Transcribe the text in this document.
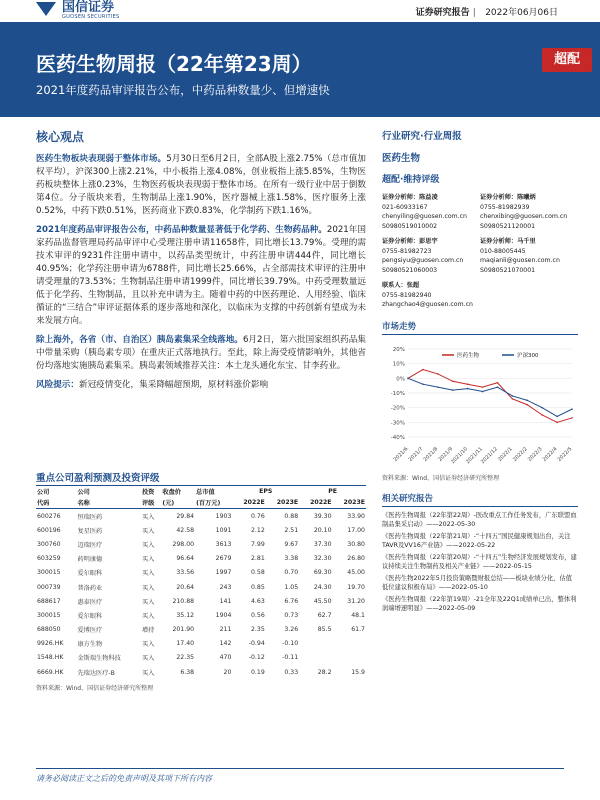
国信证券
GUOSEN SECURITIES	证券研究报告 | 2022年06月06日
医药生物周报（22年第23周）
2021年度药品审评报告公布，中药品种数量少、但增速快
超配
核心观点

医药生物板块表现弱于整体市场。5月30日至6月2日，全部A股上涨2.75%（总市值加权平均），沪深300上涨2.21%，中小板指上涨4.08%，创业板指上涨5.85%，生物医药板块整体上涨0.23%，生物医药板块表现弱于整体市场。在所有一级行业中居于倒数第4位。分子版块来看，生物制品上涨1.90%，医疗器械上涨1.58%，医疗服务上涨0.52%，中药下跌0.51%，医药商业下跌0.83%，化学制药下跌1.16%。

2021年度药品审评报告公布，中药品种数量显著低于化学药、生物药品种。2021年国家药品监督管理局药品审评中心受理注册申请11658件，同比增长13.79%。受理的需技术审评的9231件注册申请中，以药品类型统计，中药注册申请444件，同比增长40.95%；化学药注册申请为6788件，同比增长25.66%，占全部需技术审评的注册申请受理量的73.53%；生物制品注册申请1999件，同比增长39.79%。中药受理数量远低于化学药、生物制品，且以补充申请为主。随着中药的中医药理论、人用经验、临床循证的“三结合”审评证据体系的逐步落地和深化，以临床为支撑的中药创新有望成为未来发展方向。

除上海外，各省（市、自治区）胰岛素集采全线落地。6月2日，第六批国家组织药品集中带量采购（胰岛素专项）在重庆正式落地执行。至此，除上海受疫情影响外，其他省份均落地实施胰岛素集采。胰岛素领域推荐关注：本土龙头通化东宝、甘李药业。

风险提示：新冠疫情变化，集采降幅超预期，原材料涨价影响
重点公司盈利预测及投资评级
公司	公司	投资	收盘价	总市值	EPS		PE	
代码	名称	评级	(元)	(百万元)	2022E	2023E	2022E	2023E
600276	恒瑞医药	买入	29.84	1903	0.76	0.88	39.30	33.90
600196	复星医药	买入	42.58	1091	2.12	2.51	20.10	17.00
300760	迈瑞医疗	买入	298.00	3613	7.99	9.67	37.30	30.80
603259	药明康德	买入	96.64	2679	2.81	3.38	32.30	26.80
300015	爱尔眼科	买入	33.56	1997	0.58	0.70	69.30	45.00
000739	普洛药业	买入	20.64	243	0.85	1.05	24.30	19.70
688617	惠泰医疗	买入	210.88	141	4.63	6.76	45.50	31.20
300015	爱尔眼科	买入	35.12	1904	0.56	0.73	62.7	48.1
688050	爱博医疗	增持	201.90	211	2.35	3.26	85.5	61.7
9926.HK	康方生物	买入	17.40	142	-0.94	-0.10		
1548.HK	金斯瑞生物科技	买入	22.35	470	-0.12	-0.11		
6669.HK	先瑞达医疗-B	买入	6.38	20	0.19	0.33	28.2	15.9
资料来源：Wind、国信证券经济研究所整理
行业研究·行业周报
医药生物
超配·维持评级
证券分析师：陈益凌
021-60933167
chenyiling@guosen.com.cn
S0980519010002
证券分析师：陈曦炳
0755-81982939
chenxibing@guosen.com.cn
S0980521120001
证券分析师：彭思宇
0755-81982723
pengsiyu@guosen.com.cn
S0980521060003
证券分析师：马千里
010-88005445
maqianli@guosen.com.cn
S0980521070001
联系人：张超
0755-81982940
zhangchao4@guosen.com.cn
市场走势
20%
10%
0%
-10%
-20%
-30%
-40%
2021/6
2021/7
2021/8
2021/9
2021/10
2021/11
2021/12
2022/1
2022/2
2022/3
2022/4
2022/5
医药生物	沪深300
资料来源：Wind、国信证券经济研究所整理
相关研究报告
《医药生物周报（22年第22周）-医改重点工作任务发布，广东联盟血制品集采启动》——2022-05-30
《医药生物周报（22年第21周）-“十四五”国民健康规划出台，关注TAVR及VV16产业链》——2022-05-22
《医药生物周报（22年第20周）-“十四五”生物经济发展规划发布，建议持续关注生物制药及相关产业链》——2022-05-15
《医药生物2022年5月投资策略暨财报总结——板块业绩分化，估值低位建议积极布局》——2022-05-10
《医药生物周报（22年第19周）-21全年及22Q1成绩单已出，整体利润端增速明显》——2022-05-09
请务必阅读正文之后的免责声明及其项下所有内容
